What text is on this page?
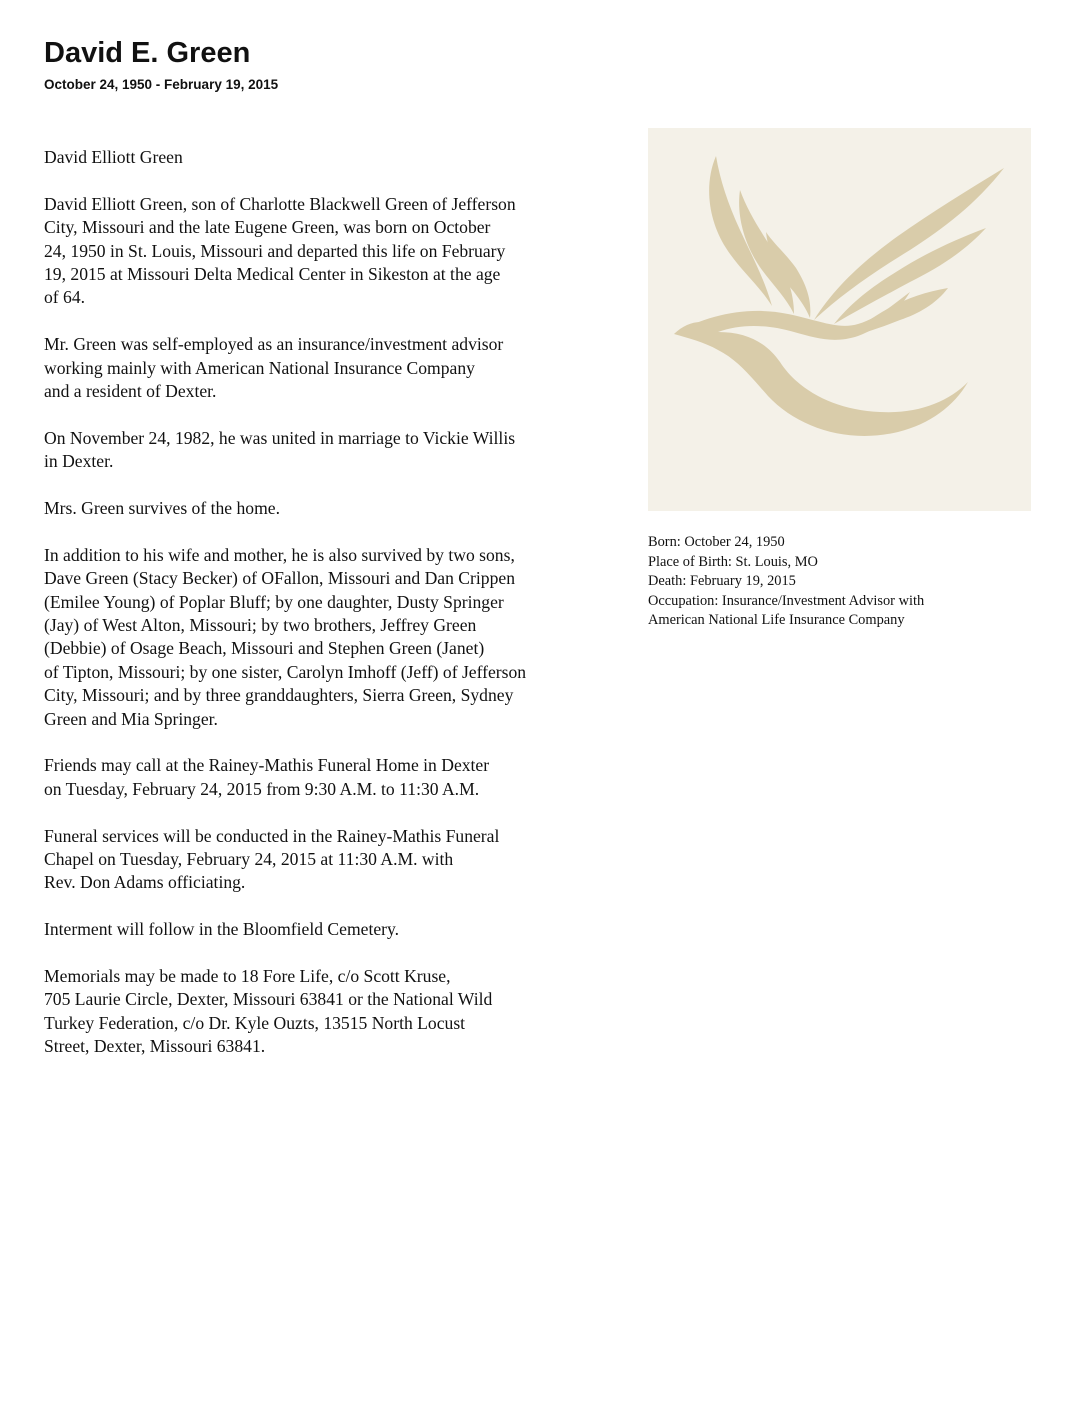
David E. Green
October 24, 1950 - February 19, 2015

David Elliott Green

David Elliott Green, son of Charlotte Blackwell Green of Jefferson
City, Missouri and the late Eugene Green, was born on October
24, 1950 in St. Louis, Missouri and departed this life on February
19, 2015 at Missouri Delta Medical Center in Sikeston at the age
of 64.

Mr. Green was self-employed as an insurance/investment advisor
working mainly with American National Insurance Company
and a resident of Dexter.

On November 24, 1982, he was united in marriage to Vickie Willis
in Dexter.

Mrs. Green survives of the home.

In addition to his wife and mother, he is also survived by two sons,
Dave Green (Stacy Becker) of OFallon, Missouri and Dan Crippen
(Emilee Young) of Poplar Bluff; by one daughter, Dusty Springer
(Jay) of West Alton, Missouri; by two brothers, Jeffrey Green
(Debbie) of Osage Beach, Missouri and Stephen Green (Janet)
of Tipton, Missouri; by one sister, Carolyn Imhoff (Jeff) of Jefferson
City, Missouri; and by three granddaughters, Sierra Green, Sydney
Green and Mia Springer.

Friends may call at the Rainey-Mathis Funeral Home in Dexter
on Tuesday, February 24, 2015 from 9:30 A.M. to 11:30 A.M.

Funeral services will be conducted in the Rainey-Mathis Funeral
Chapel on Tuesday, February 24, 2015 at 11:30 A.M. with
Rev. Don Adams officiating.

Interment will follow in the Bloomfield Cemetery.

Memorials may be made to 18 Fore Life, c/o Scott Kruse,
705 Laurie Circle, Dexter, Missouri 63841 or the National Wild
Turkey Federation, c/o Dr. Kyle Ouzts, 13515 North Locust
Street, Dexter, Missouri 63841.

Born: October 24, 1950
Place of Birth: St. Louis, MO
Death: February 19, 2015
Occupation: Insurance/Investment Advisor with
American National Life Insurance Company
